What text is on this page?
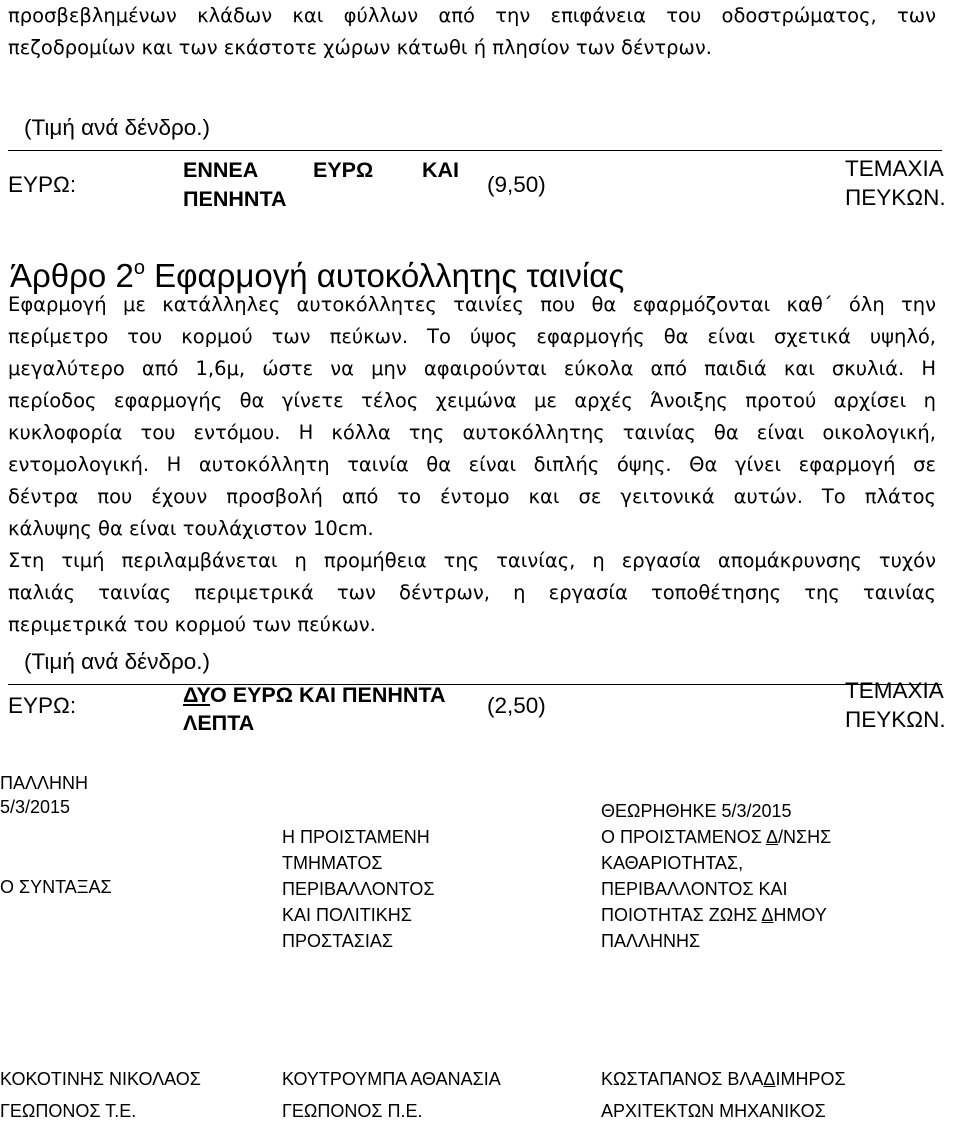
προσβεβλημένων κλάδων και φύλλων από την επιφάνεια του οδοστρώματος, των
πεζοδρομίων και των εκάστοτε χώρων κάτωθι ή πλησίον των δέντρων.
(Τιμή ανά δένδρο.)
ΕΥΡΩ:
ΕΝΝΕΑ	ΕΥΡΩ ΚΑΙ
ΠΕΝΗΝΤΑ
(9,50)
ΤΕΜΑΧΙΑ
ΠΕΥΚΩΝ.
Άρθρο $2^o$ Εφαρμογή αυτοκόλλητης ταινίας
Εφαρμογή με κατάλληλες αυτοκόλλητες ταινίες που θα εφαρμόζονται καθ΄ όλη την
περίμετρο του κορμού των πεύκων. Το ύψος εφαρμογής θα είναι σχετικά υψηλό,
μεγαλύτερο από 1,6μ, ώστε να μην αφαιρούνται εύκολα από παιδιά και σκυλιά. Η
περίοδος εφαρμογής θα γίνετε τέλος χειμώνα με αρχές Άνοιξης προτού αρχίσει η
κυκλοφορία του εντόμου. Η κόλλα της αυτοκόλλητης ταινίας θα είναι οικολογική,
εντομολογική. Η αυτοκόλλητη ταινία θα είναι διπλής όψης. Θα γίνει εφαρμογή σε
δέντρα που έχουν προσβολή από το έντομο και σε γειτονικά αυτών. Το πλάτος
κάλυψης θα είναι τουλάχιστον 10cm.
Στη τιμή περιλαμβάνεται η προμήθεια της ταινίας, η εργασία απομάκρυνσης τυχόν
παλιάς ταινίας περιμετρικά των δέντρων, η εργασία τοποθέτησης της ταινίας
περιμετρικά του κορμού των πεύκων.
(Τιμή ανά δένδρο.)
ΕΥΡΩ:	ΔΥΟ ΕΥΡΩ ΚΑΙ ΠΕΝΗΝΤΑ
ΛΕΠΤΑ
(2,50)
ΤΕΜΑΧΙΑ
ΠΕΥΚΩΝ.
ΠΑΛΛΗΝΗ
5/3/2015
Ο ΣΥΝΤΑΞΑΣ
ΚΟΚΟΤΙΝΗΣ ΝΙΚΟΛΑΟΣ
ΓΕΩΠΟΝΟΣ Τ.Ε.
Η ΠΡΟΙΣΤΑΜΕΝΗ
ΤΜΗΜΑΤΟΣ
ΠΕΡΙΒΑΛΛΟΝΤΟΣ
ΚΑΙ ΠΟΛΙΤΙΚΗΣ
ΠΡΟΣΤΑΣΙΑΣ
ΚΟΥΤΡΟΥΜΠΑ ΑΘΑΝΑΣΙΑ
ΓΕΩΠΟΝΟΣ Π.Ε.
ΘΕΩΡΗΘΗΚΕ 5/3/2015
Ο ΠΡΟΙΣΤΑΜΕΝΟΣ Δ/ΝΣΗΣ
ΚΑΘΑΡΙΟΤΗΤΑΣ,
ΠΕΡΙΒΑΛΛΟΝΤΟΣ ΚΑΙ
ΠΟΙΟΤΗΤΑΣ ΖΩΗΣ ΔΗΜΟΥ
ΠΑΛΛΗΝΗΣ
ΚΩΣΤΑΠΑΝΟΣ ΒΛΑΔΙΜΗΡΟΣ
ΑΡΧΙΤΕΚΤΩΝ ΜΗΧΑΝΙΚΟΣ
